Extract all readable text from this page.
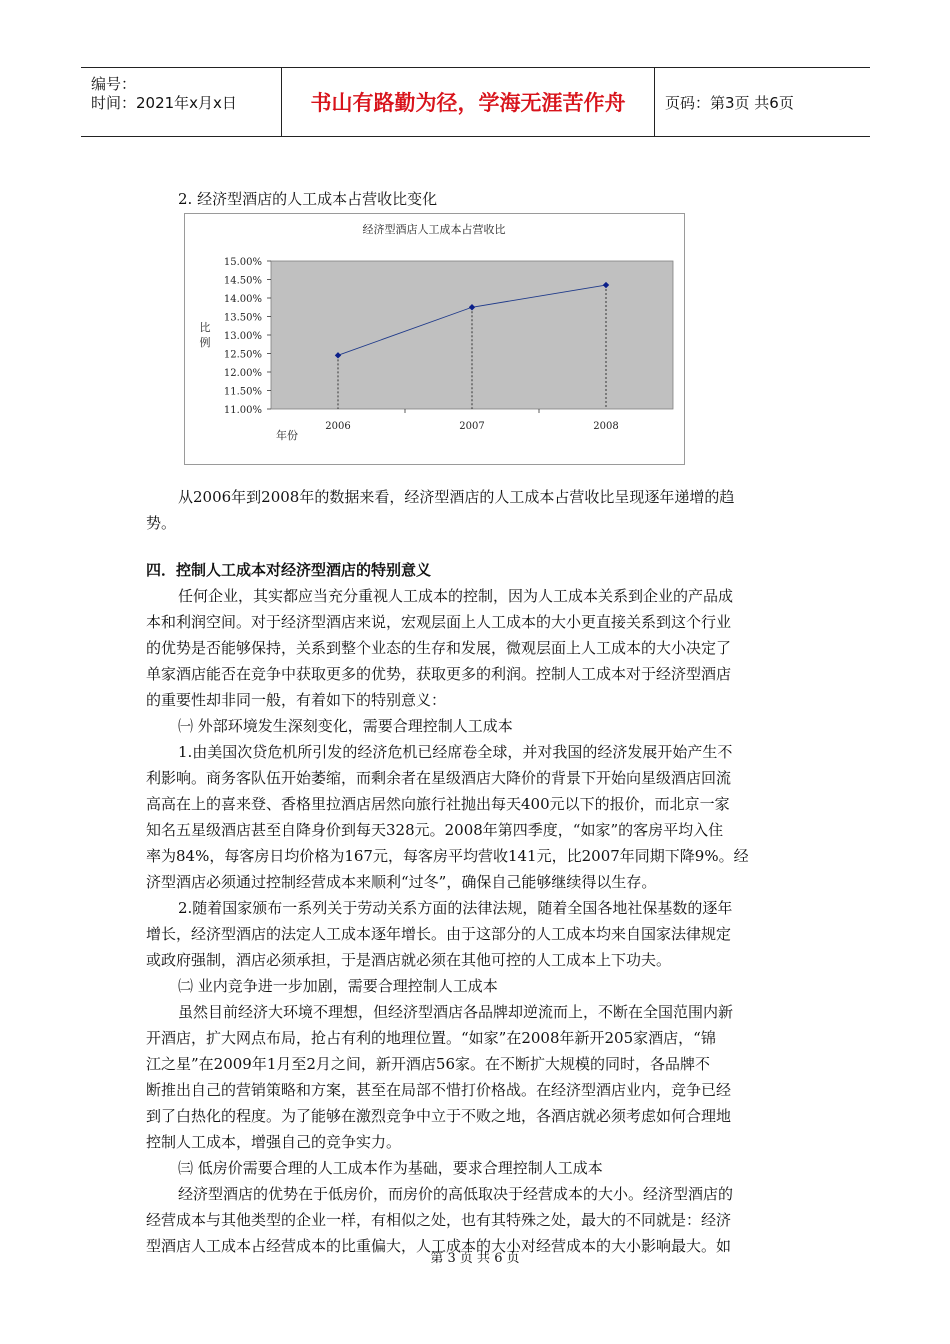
编号：
时间：2021年x月x日	书山有路勤为径，学海无涯苦作舟	页码：第3页 共6页
2. 经济型酒店的人工成本占营收比变化
经济型酒店人工成本占营收比
15.00%
14.50%
14.00%
13.50%
13.00%
12.50%
12.00%
11.50%
11.00%
2006	2007	2008
比
例
年份
从2006年到2008年的数据来看，经济型酒店的人工成本占营收比呈现逐年递增的趋
势。
四．控制人工成本对经济型酒店的特别意义
任何企业，其实都应当充分重视人工成本的控制，因为人工成本关系到企业的产品成
本和利润空间。对于经济型酒店来说，宏观层面上人工成本的大小更直接关系到这个行业
的优势是否能够保持，关系到整个业态的生存和发展，微观层面上人工成本的大小决定了
单家酒店能否在竞争中获取更多的优势，获取更多的利润。控制人工成本对于经济型酒店
的重要性却非同一般，有着如下的特别意义：
㈠ 外部环境发生深刻变化，需要合理控制人工成本
1.由美国次贷危机所引发的经济危机已经席卷全球，并对我国的经济发展开始产生不
利影响。商务客队伍开始萎缩，而剩余者在星级酒店大降价的背景下开始向星级酒店回流
高高在上的喜来登、香格里拉酒店居然向旅行社抛出每天400元以下的报价，而北京一家
知名五星级酒店甚至自降身价到每天328元。2008年第四季度，“如家”的客房平均入住
率为84%，每客房日均价格为167元，每客房平均营收141元，比2007年同期下降9%。经
济型酒店必须通过控制经营成本来顺利“过冬”，确保自己能够继续得以生存。
2.随着国家颁布一系列关于劳动关系方面的法律法规，随着全国各地社保基数的逐年
增长，经济型酒店的法定人工成本逐年增长。由于这部分的人工成本均来自国家法律规定
或政府强制，酒店必须承担，于是酒店就必须在其他可控的人工成本上下功夫。
㈡ 业内竞争进一步加剧，需要合理控制人工成本
虽然目前经济大环境不理想，但经济型酒店各品牌却逆流而上，不断在全国范围内新
开酒店，扩大网点布局，抢占有利的地理位置。“如家”在2008年新开205家酒店，“锦
江之星”在2009年1月至2月之间，新开酒店56家。在不断扩大规模的同时，各品牌不
断推出自己的营销策略和方案，甚至在局部不惜打价格战。在经济型酒店业内，竞争已经
到了白热化的程度。为了能够在激烈竞争中立于不败之地，各酒店就必须考虑如何合理地
控制人工成本，增强自己的竞争实力。
㈢ 低房价需要合理的人工成本作为基础，要求合理控制人工成本
经济型酒店的优势在于低房价，而房价的高低取决于经营成本的大小。经济型酒店的
经营成本与其他类型的企业一样，有相似之处，也有其特殊之处，最大的不同就是：经济
型酒店人工成本占经营成本的比重偏大，人工成本的大小对经营成本的大小影响最大。如
第 3 页 共 6 页
